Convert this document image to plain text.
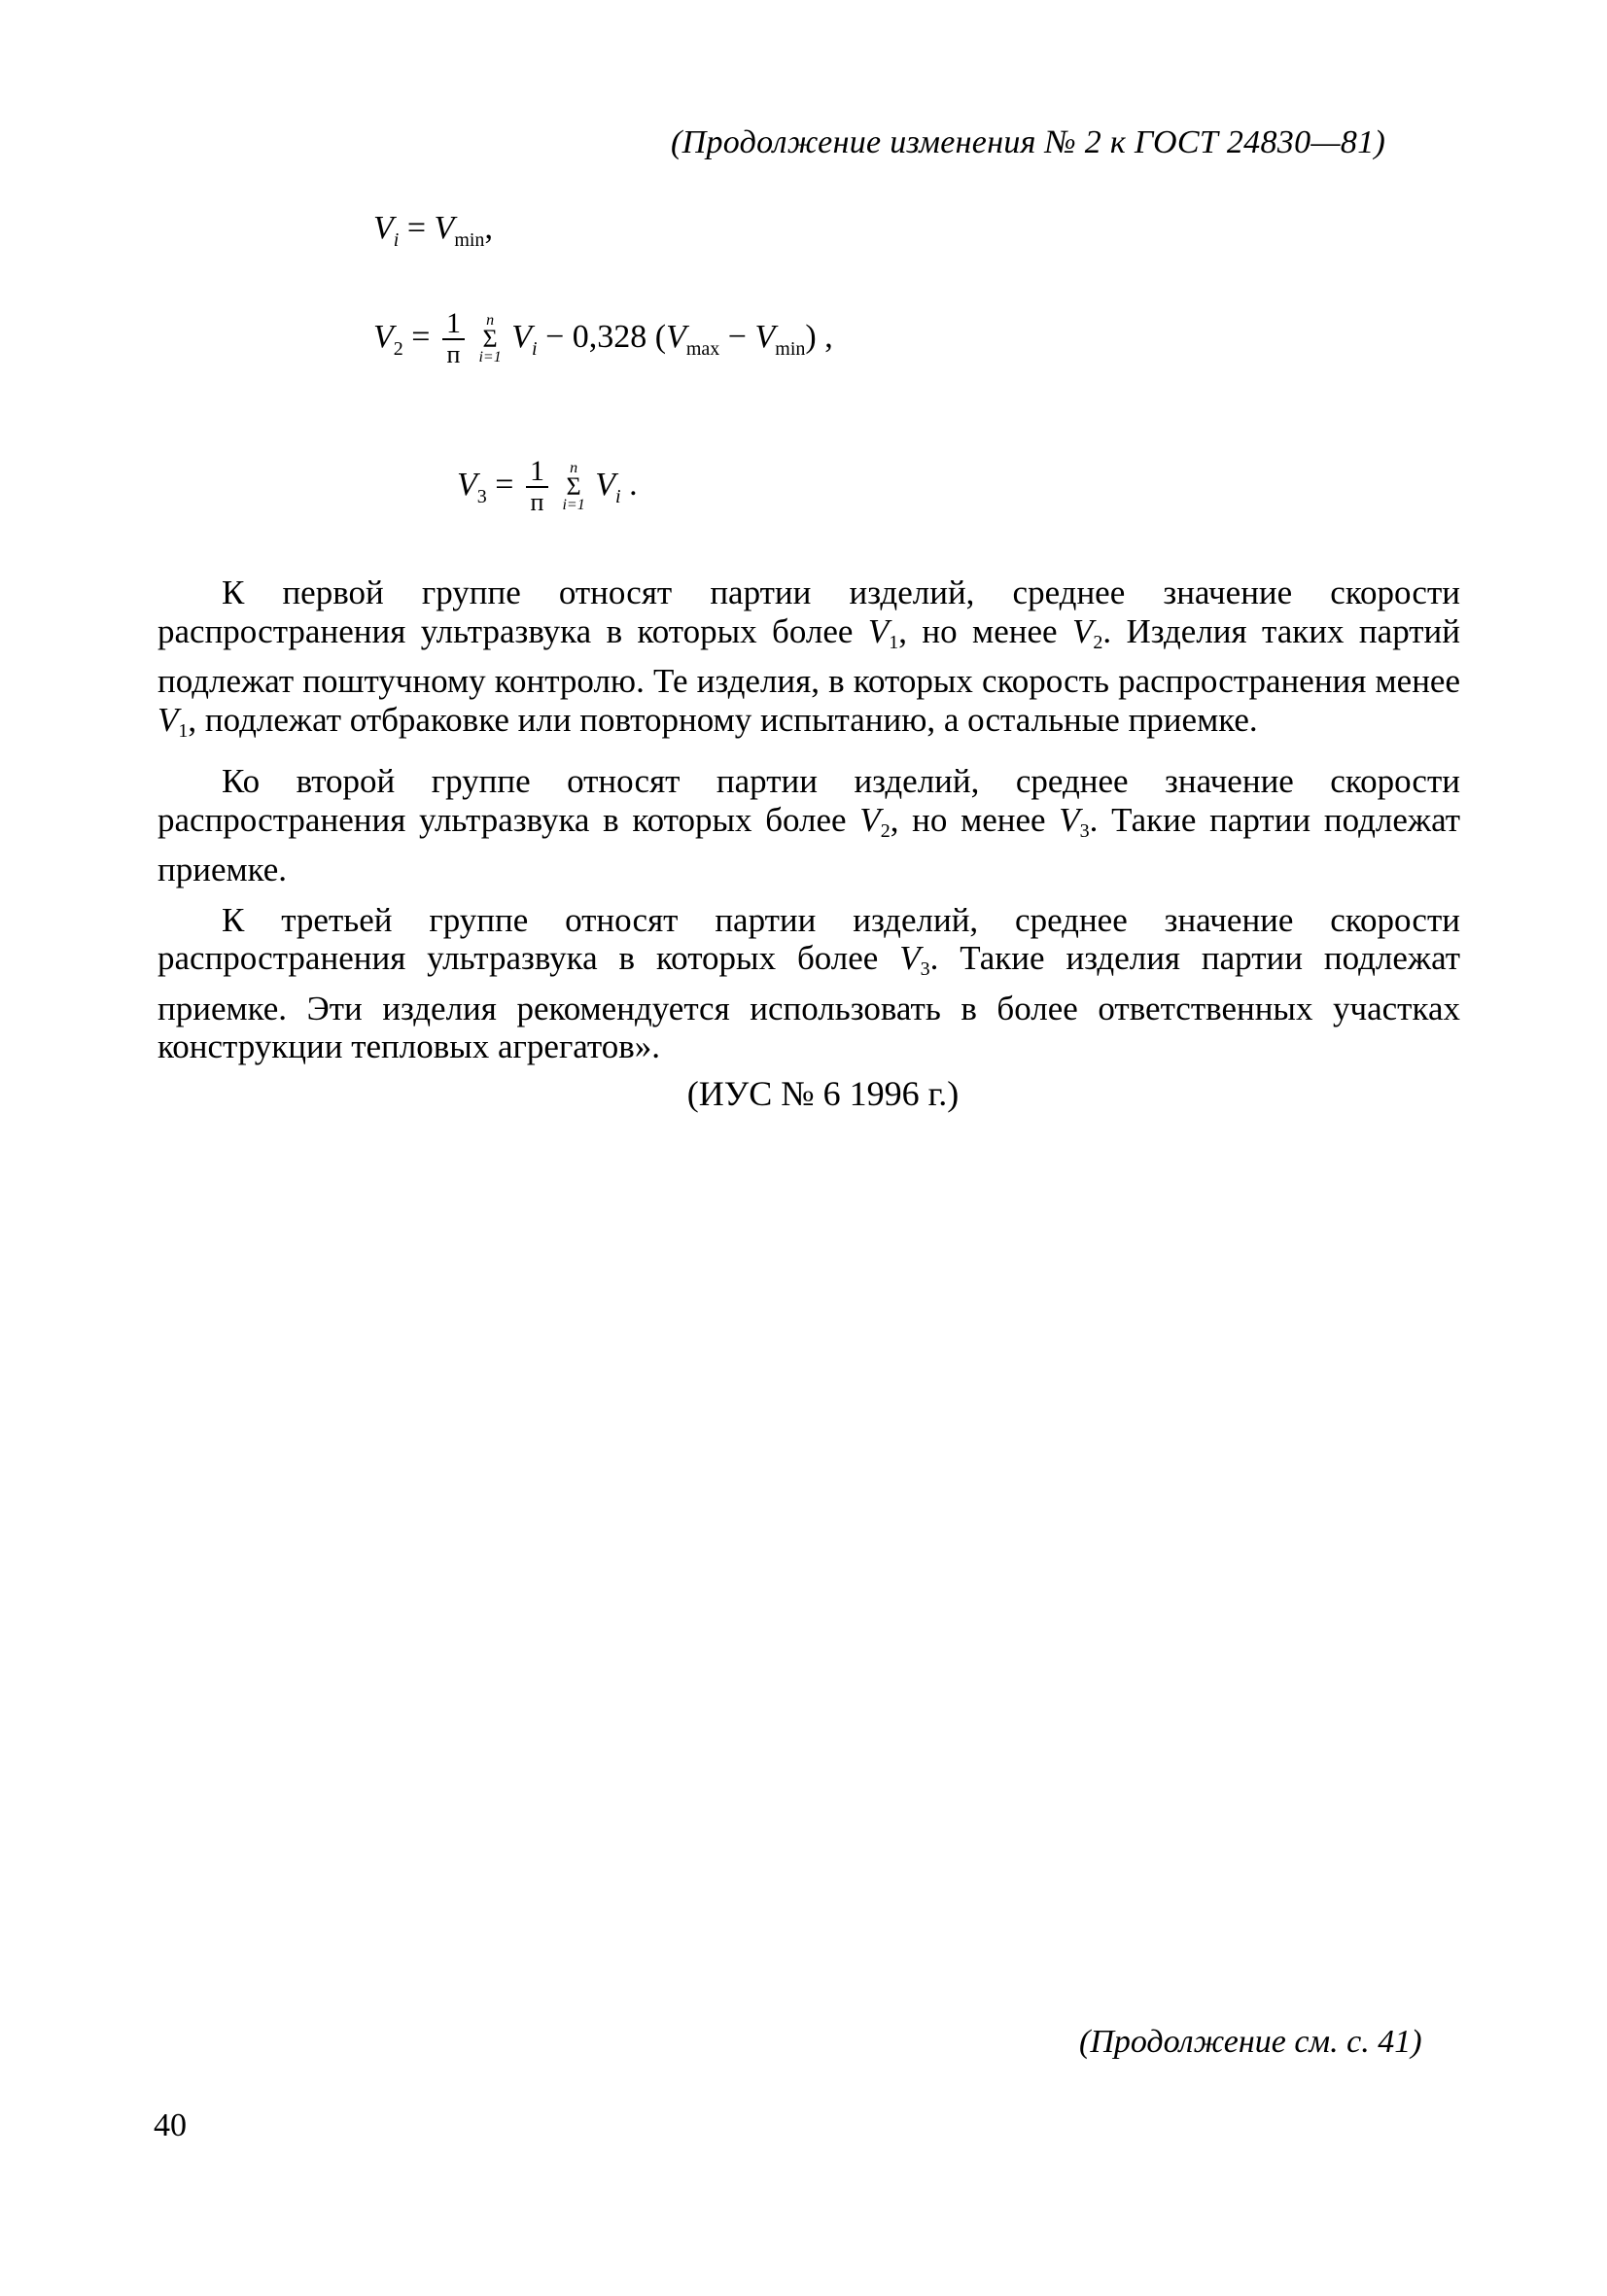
(Продолжение изменения № 2 к ГОСТ 24830—81)
$V_i = V_{min}$,
$V_2 = \frac{1}{п}$
	п
Σ
i=1
$V_i - 0,328$ $(V_{max} - V_{min})$ ,
$V_3 = \frac{1}{п}$
	п
Σ
i=1
$V_i$ .

К первой группе относят партии изделий, среднее значение скорости распространения ультразвука в которых более $V_1$, но менее $V_2$. Изделия таких партий подлежат поштучному контролю. Те изделия, в которых скорость распространения менее $V_1$, подлежат отбраковке или повторному испытанию, а остальные приемке.

Ко второй группе относят партии изделий, среднее значение скорости распространения ультразвука в которых более $V_2$, но менее $V_3$. Такие партии подлежат приемке.

К третьей группе относят партии изделий, среднее значение скорости распространения ультразвука в которых более $V_3$. Такие изделия партии подлежат приемке. Эти изделия рекомендуется использовать в более ответственных участках конструкции тепловых агрегатов».

(ИУС № 6 1996 г.)
(Продолжение см. с. 41)
40
